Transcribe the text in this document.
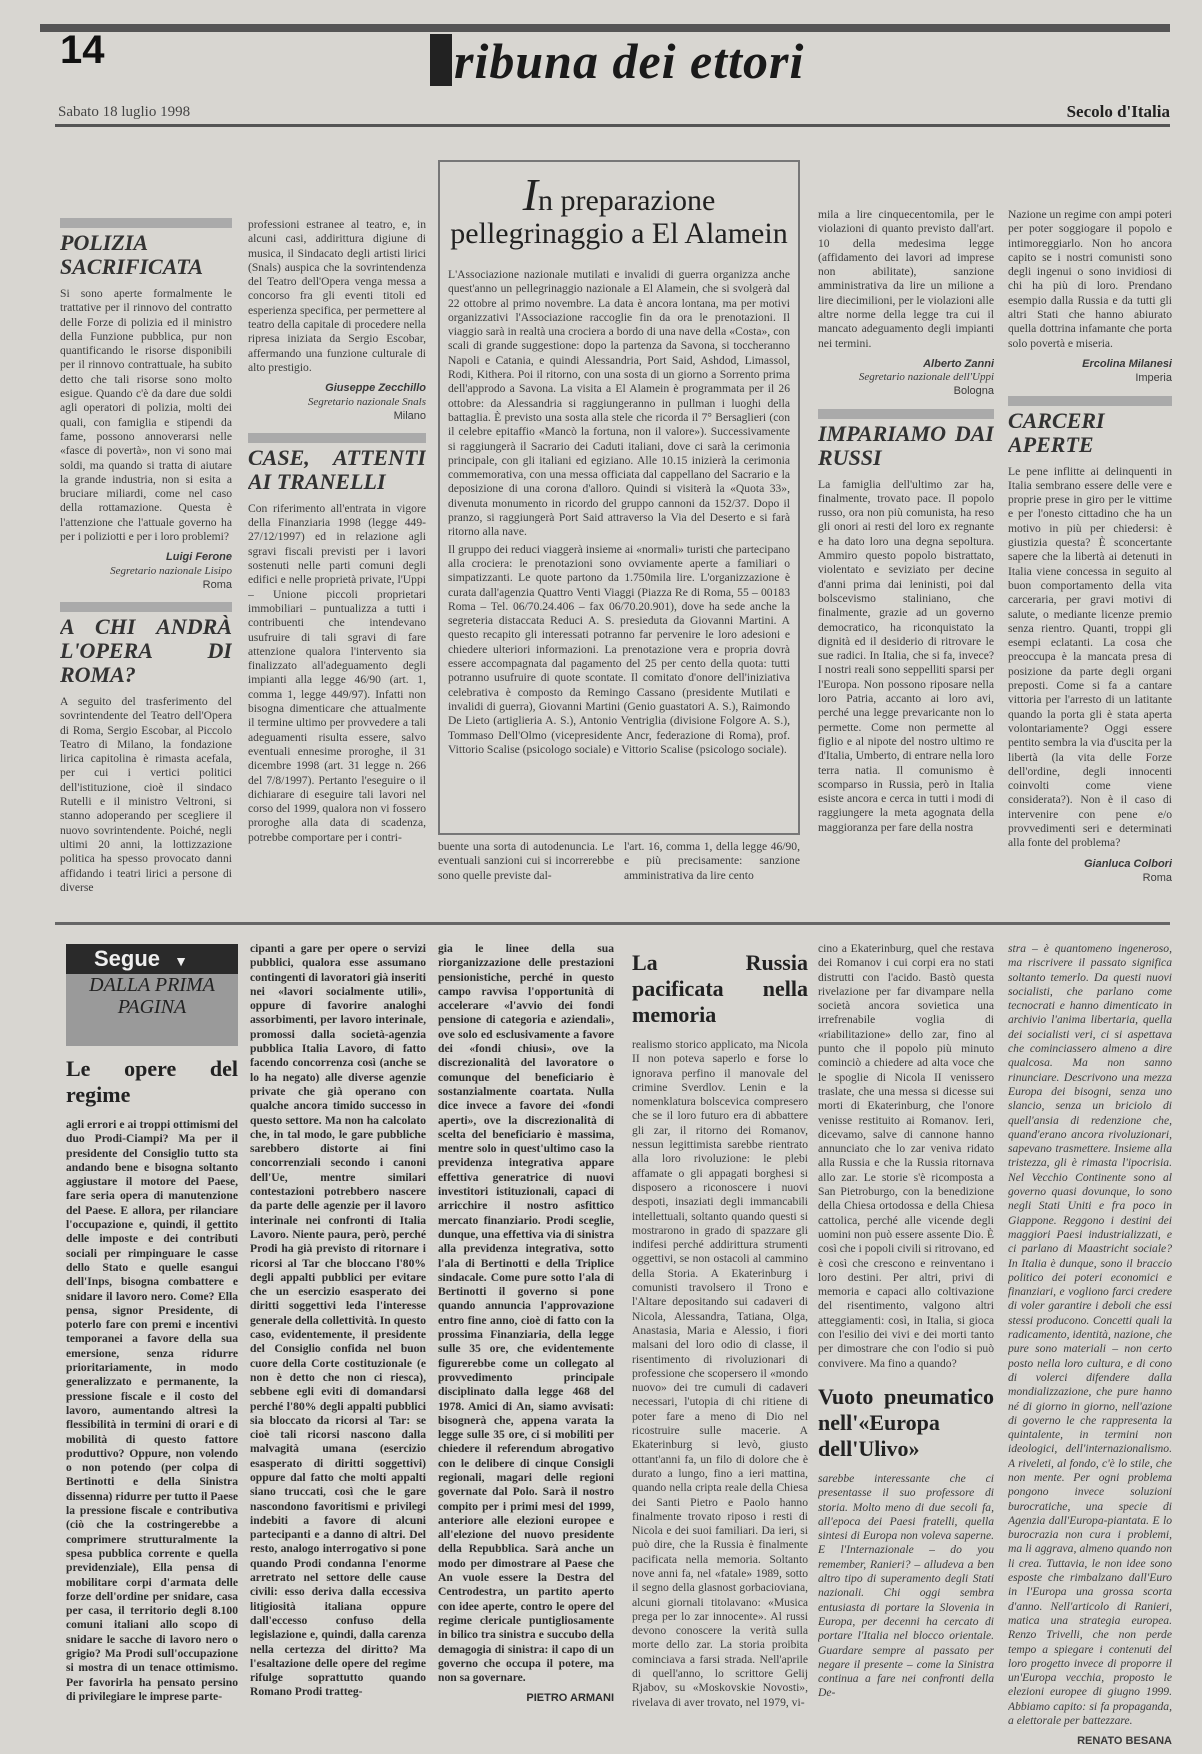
14	ribuna dei ettori
Sabato 18 luglio 1998	Secolo d'Italia
POLIZIA SACRIFICATA

Si sono aperte formalmente le trattative per il rinnovo del contratto delle Forze di polizia ed il ministro della Funzione pubblica, pur non quantificando le risorse disponibili per il rinnovo contrattuale, ha subito detto che tali risorse sono molto esigue. Quando c'è da dare due soldi agli operatori di polizia, molti dei quali, con famiglia e stipendi da fame, possono annoverarsi nelle «fasce di povertà», non vi sono mai soldi, ma quando si tratta di aiutare la grande industria, non si esita a bruciare miliardi, come nel caso della rottamazione. Questa è l'attenzione che l'attuale governo ha per i poliziotti e per i loro problemi?

Luigi Ferone
Segretario nazionale Lisipo
Roma
A CHI ANDRÀ L'OPERA DI ROMA?

A seguito del trasferimento del sovrintendente del Teatro dell'Opera di Roma, Sergio Escobar, al Piccolo Teatro di Milano, la fondazione lirica capitolina è rimasta acefala, per cui i vertici politici dell'istituzione, cioè il sindaco Rutelli e il ministro Veltroni, si stanno adoperando per scegliere il nuovo sovrintendente. Poiché, negli ultimi 20 anni, la lottizzazione politica ha spesso provocato danni affidando i teatri lirici a persone di diverse

professioni estranee al teatro, e, in alcuni casi, addirittura digiune di musica, il Sindacato degli artisti lirici (Snals) auspica che la sovrintendenza del Teatro dell'Opera venga messa a concorso fra gli eventi titoli ed esperienza specifica, per permettere al teatro della capitale di procedere nella ripresa iniziata da Sergio Escobar, affermando una funzione culturale di alto prestigio.

Giuseppe Zecchillo
Segretario nazionale Snals
Milano
CASE, ATTENTI AI TRANELLI

Con riferimento all'entrata in vigore della Finanziaria 1998 (legge 449-27/12/1997) ed in relazione agli sgravi fiscali previsti per i lavori sostenuti nelle parti comuni degli edifici e nelle proprietà private, l'Uppi – Unione piccoli proprietari immobiliari – puntualizza a tutti i contribuenti che intendevano usufruire di tali sgravi di fare attenzione qualora l'intervento sia finalizzato all'adeguamento degli impianti alla legge 46/90 (art. 1, comma 1, legge 449/97). Infatti non bisogna dimenticare che attualmente il termine ultimo per provvedere a tali adeguamenti risulta essere, salvo eventuali ennesime proroghe, il 31 dicembre 1998 (art. 31 legge n. 266 del 7/8/1997). Pertanto l'eseguire o il dichiarare di eseguire tali lavori nel corso del 1999, qualora non vi fossero proroghe alla data di scadenza, potrebbe comportare per i contri-

In preparazione pellegrinaggio a El Alamein

L'Associazione nazionale mutilati e invalidi di guerra organizza anche quest'anno un pellegrinaggio nazionale a El Alamein, che si svolgerà dal 22 ottobre al primo novembre. La data è ancora lontana, ma per motivi organizzativi l'Associazione raccoglie fin da ora le prenotazioni. Il viaggio sarà in realtà una crociera a bordo di una nave della «Costa», con scali di grande suggestione: dopo la partenza da Savona, si toccheranno Napoli e Catania, e quindi Alessandria, Port Said, Ashdod, Limassol, Rodi, Kithera. Poi il ritorno, con una sosta di un giorno a Sorrento prima dell'approdo a Savona. La visita a El Alamein è programmata per il 26 ottobre: da Alessandria si raggiungeranno in pullman i luoghi della battaglia. È previsto una sosta alla stele che ricorda il 7° Bersaglieri (con il celebre epitaffio «Mancò la fortuna, non il valore»). Successivamente si raggiungerà il Sacrario dei Caduti italiani, dove ci sarà la cerimonia principale, con gli italiani ed egiziano. Alle 10.15 inizierà la cerimonia commemorativa, con una messa officiata dal cappellano del Sacrario e la deposizione di una corona d'alloro. Quindi si visiterà la «Quota 33», divenuta monumento in ricordo del gruppo cannoni da 152/37. Dopo il pranzo, si raggiungerà Port Said attraverso la Via del Deserto e si farà ritorno alla nave.

Il gruppo dei reduci viaggerà insieme ai «normali» turisti che partecipano alla crociera: le prenotazioni sono ovviamente aperte a familiari o simpatizzanti. Le quote partono da 1.750mila lire. L'organizzazione è curata dall'agenzia Quattro Venti Viaggi (Piazza Re di Roma, 55 – 00183 Roma – Tel. 06/70.24.406 – fax 06/70.20.901), dove ha sede anche la segreteria distaccata Reduci A. S. presieduta da Giovanni Martini. A questo recapito gli interessati potranno far pervenire le loro adesioni e chiedere ulteriori informazioni. La prenotazione vera e propria dovrà essere accompagnata dal pagamento del 25 per cento della quota: tutti potranno usufruire di quote scontate. Il comitato d'onore dell'iniziativa celebrativa è composto da Remingo Cassano (presidente Mutilati e invalidi di guerra), Giovanni Martini (Genio guastatori A. S.), Raimondo De Lieto (artiglieria A. S.), Antonio Ventriglia (divisione Folgore A. S.), Tommaso Dell'Olmo (vicepresidente Ancr, federazione di Roma), prof. Vittorio Scalise (psicologo sociale) e Vittorio Scalise (psicologo sociale).

buente una sorta di autodenuncia. Le eventuali sanzioni cui si incorrerebbe sono quelle previste dal-

l'art. 16, comma 1, della legge 46/90, e più precisamente: sanzione amministrativa da lire cento

mila a lire cinquecentomila, per le violazioni di quanto previsto dall'art. 10 della medesima legge (affidamento dei lavori ad imprese non abilitate), sanzione amministrativa da lire un milione a lire diecimilioni, per le violazioni alle altre norme della legge tra cui il mancato adeguamento degli impianti nei termini.

Alberto Zanni
Segretario nazionale dell'Uppi
Bologna
IMPARIAMO DAI RUSSI

La famiglia dell'ultimo zar ha, finalmente, trovato pace. Il popolo russo, ora non più comunista, ha reso gli onori ai resti del loro ex regnante e ha dato loro una degna sepoltura. Ammiro questo popolo bistrattato, violentato e seviziato per decine d'anni prima dai leninisti, poi dal bolscevismo staliniano, che finalmente, grazie ad un governo democratico, ha riconquistato la dignità ed il desiderio di ritrovare le sue radici. In Italia, che si fa, invece? I nostri reali sono seppelliti sparsi per l'Europa. Non possono riposare nella loro Patria, accanto ai loro avi, perché una legge prevaricante non lo permette. Come non permette al figlio e al nipote del nostro ultimo re d'Italia, Umberto, di entrare nella loro terra natia. Il comunismo è scomparso in Russia, però in Italia esiste ancora e cerca in tutti i modi di raggiungere la meta agognata della maggioranza per fare della nostra

Nazione un regime con ampi poteri per poter soggiogare il popolo e intimoreggiarlo. Non ho ancora capito se i nostri comunisti sono degli ingenui o sono invidiosi di chi ha più di loro. Prendano esempio dalla Russia e da tutti gli altri Stati che hanno abiurato quella dottrina infamante che porta solo povertà e miseria.

Ercolina Milanesi
Imperia
CARCERI APERTE

Le pene inflitte ai delinquenti in Italia sembrano essere delle vere e proprie prese in giro per le vittime e per l'onesto cittadino che ha un motivo in più per chiedersi: è giustizia questa? È sconcertante sapere che la libertà ai detenuti in Italia viene concessa in seguito al buon comportamento della vita carceraria, per gravi motivi di salute, o mediante licenze premio senza rientro. Quanti, troppi gli esempi eclatanti. La cosa che preoccupa è la mancata presa di posizione da parte degli organi preposti. Come si fa a cantare vittoria per l'arresto di un latitante quando la porta gli è stata aperta volontariamente? Oggi essere pentito sembra la via d'uscita per la libertà (la vita delle Forze dell'ordine, degli innocenti coinvolti come viene considerata?). Non è il caso di intervenire con pene e/o provvedimenti seri e determinati alla fonte del problema?

Gianluca Colbori
Roma
Segue ▼
DALLA PRIMA PAGINA
Le opere del regime

agli errori e ai troppi ottimismi del duo Prodi-Ciampi? Ma per il presidente del Consiglio tutto sta andando bene e bisogna soltanto aggiustare il motore del Paese, fare seria opera di manutenzione del Paese. E allora, per rilanciare l'occupazione e, quindi, il gettito delle imposte e dei contributi sociali per rimpinguare le casse dello Stato e quelle esangui dell'Inps, bisogna combattere e snidare il lavoro nero. Come? Ella pensa, signor Presidente, di poterlo fare con premi e incentivi temporanei a favore della sua emersione, senza ridurre prioritariamente, in modo generalizzato e permanente, la pressione fiscale e il costo del lavoro, aumentando altresì la flessibilità in termini di orari e di mobilità di questo fattore produttivo? Oppure, non volendo o non potendo (per colpa di Bertinotti e della Sinistra dissenna) ridurre per tutto il Paese la pressione fiscale e contributiva (ciò che la costringerebbe a comprimere strutturalmente la spesa pubblica corrente e quella previdenziale), Ella pensa di mobilitare corpi d'armata delle forze dell'ordine per snidare, casa per casa, il territorio degli 8.100 comuni italiani allo scopo di snidare le sacche di lavoro nero o grigio? Ma Prodi sull'occupazione si mostra di un tenace ottimismo. Per favorirla ha pensato persino di privilegiare le imprese parte-

cipanti a gare per opere o servizi pubblici, qualora esse assumano contingenti di lavoratori già inseriti nei «lavori socialmente utili», oppure di favorire analoghi assorbimenti, per lavoro interinale, promossi dalla società-agenzia pubblica Italia Lavoro, di fatto facendo concorrenza così (anche se lo ha negato) alle diverse agenzie private che già operano con qualche ancora timido successo in questo settore. Ma non ha calcolato che, in tal modo, le gare pubbliche sarebbero distorte ai fini concorrenziali secondo i canoni dell'Ue, mentre similari contestazioni potrebbero nascere da parte delle agenzie per il lavoro interinale nei confronti di Italia Lavoro. Niente paura, però, perché Prodi ha già previsto di ritornare i ricorsi al Tar che bloccano l'80% degli appalti pubblici per evitare che un esercizio esasperato dei diritti soggettivi leda l'interesse generale della collettività. In questo caso, evidentemente, il presidente del Consiglio confida nel buon cuore della Corte costituzionale (e non è detto che non ci riesca), sebbene egli eviti di domandarsi perché l'80% degli appalti pubblici sia bloccato da ricorsi al Tar: se cioè tali ricorsi nascono dalla malvagità umana (esercizio esasperato di diritti soggettivi) oppure dal fatto che molti appalti siano truccati, così che le gare nascondono favoritismi e privilegi indebiti a favore di alcuni partecipanti e a danno di altri. Del resto, analogo interrogativo si pone quando Prodi condanna l'enorme arretrato nel settore delle cause civili: esso deriva dalla eccessiva litigiosità italiana oppure dall'eccesso confuso della legislazione e, quindi, dalla carenza nella certezza del diritto? Ma l'esaltazione delle opere del regime rifulge soprattutto quando Romano Prodi tratteg-

gia le linee della sua riorganizzazione delle prestazioni pensionistiche, perché in questo campo ravvisa l'opportunità di accelerare «l'avvio dei fondi pensione di categoria e aziendali», ove solo ed esclusivamente a favore dei «fondi chiusi», ove la discrezionalità del lavoratore o comunque del beneficiario è sostanzialmente coartata. Nulla dice invece a favore dei «fondi aperti», ove la discrezionalità di scelta del beneficiario è massima, mentre solo in quest'ultimo caso la previdenza integrativa appare effettiva generatrice di nuovi investitori istituzionali, capaci di arricchire il nostro asfittico mercato finanziario. Prodi sceglie, dunque, una effettiva via di sinistra alla previdenza integrativa, sotto l'ala di Bertinotti e della Triplice sindacale. Come pure sotto l'ala di Bertinotti il governo si pone quando annuncia l'approvazione entro fine anno, cioè di fatto con la prossima Finanziaria, della legge sulle 35 ore, che evidentemente figurerebbe come un collegato al provvedimento principale disciplinato dalla legge 468 del 1978. Amici di An, siamo avvisati: bisognerà che, appena varata la legge sulle 35 ore, ci si mobiliti per chiedere il referendum abrogativo con le delibere di cinque Consigli regionali, magari delle regioni governate dal Polo. Sarà il nostro compito per i primi mesi del 1999, anteriore alle elezioni europee e all'elezione del nuovo presidente della Repubblica. Sarà anche un modo per dimostrare al Paese che An vuole essere la Destra del Centrodestra, un partito aperto con idee aperte, contro le opere del regime clericale puntigliosamente in bilico tra sinistra e succubo della demagogia di sinistra: il capo di un governo che occupa il potere, ma non sa governare.

PIETRO ARMANI
La Russia pacificata nella memoria

realismo storico applicato, ma Nicola II non poteva saperlo e forse lo ignorava perfino il manovale del crimine Sverdlov. Lenin e la nomenklatura bolscevica compresero che se il loro futuro era di abbattere gli zar, il ritorno dei Romanov, nessun legittimista sarebbe rientrato alla loro rivoluzione: le plebi affamate o gli appagati borghesi si disposero a riconoscere i nuovi despoti, insaziati degli immancabili intellettuali, soltanto quando questi si mostrarono in grado di spazzare gli indifesi perché addirittura strumenti oggettivi, se non ostacoli al cammino della Storia. A Ekaterinburg i comunisti travolsero il Trono e l'Altare depositando sui cadaveri di Nicola, Alessandra, Tatiana, Olga, Anastasia, Maria e Alessio, i fiori malsani del loro odio di classe, il risentimento di rivoluzionari di professione che scopersero il «mondo nuovo» dei tre cumuli di cadaveri necessari, l'utopia di chi ritiene di poter fare a meno di Dio nel ricostruire sulle macerie. A Ekaterinburg si levò, giusto ottant'anni fa, un filo di dolore che è durato a lungo, fino a ieri mattina, quando nella cripta reale della Chiesa dei Santi Pietro e Paolo hanno finalmente trovato riposo i resti di Nicola e dei suoi familiari. Da ieri, si può dire, che la Russia è finalmente pacificata nella memoria. Soltanto nove anni fa, nel «fatale» 1989, sotto il segno della glasnost gorbacioviana, alcuni giornali titolavano: «Musica prega per lo zar innocente». Al russi devono conoscere la verità sulla morte dello zar. La storia proibita cominciava a farsi strada. Nell'aprile di quell'anno, lo scrittore Gelij Rjabov, su «Moskovskie Novosti», rivelava di aver trovato, nel 1979, vi-

cino a Ekaterinburg, quel che restava dei Romanov i cui corpi era no stati distrutti con l'acido. Bastò questa rivelazione per far divampare nella società ancora sovietica una irrefrenabile voglia di «riabilitazione» dello zar, fino al punto che il popolo più minuto cominciò a chiedere ad alta voce che le spoglie di Nicola II venissero traslate, che una messa si dicesse sui morti di Ekaterinburg, che l'onore venisse restituito ai Romanov. Ieri, dicevamo, salve di cannone hanno annunciato che lo zar veniva ridato alla Russia e che la Russia ritornava allo zar. Le storie s'è ricomposta a San Pietroburgo, con la benedizione della Chiesa ortodossa e della Chiesa cattolica, perché alle vicende degli uomini non può essere assente Dio. È così che i popoli civili si ritrovano, ed è così che crescono e reinventano i loro destini. Per altri, privi di memoria e capaci allo coltivazione del risentimento, valgono altri atteggiamenti: così, in Italia, si gioca con l'esilio dei vivi e dei morti tanto per dimostrare che con l'odio si può convivere. Ma fino a quando?

Vuoto pneumatico nell'«Europa dell'Ulivo»

sarebbe interessante che ci presentasse il suo professore di storia. Molto meno di due secoli fa, all'epoca dei Paesi fratelli, quella sintesi di Europa non voleva saperne. E l'Internazionale – do you remember, Ranieri? – alludeva a ben altro tipo di superamento degli Stati nazionali. Chi oggi sembra entusiasta di portare la Slovenia in Europa, per decenni ha cercato di portare l'Italia nel blocco orientale. Guardare sempre al passato per negare il presente – come la Sinistra continua a fare nei confronti della De-

stra – è quantomeno ingeneroso, ma riscrivere il passato significa soltanto temerlo. Da questi nuovi socialisti, che parlano come tecnocrati e hanno dimenticato in archivio l'anima libertaria, quella dei socialisti veri, ci si aspettava che cominciassero almeno a dire qualcosa. Ma non sanno rinunciare. Descrivono una mezza Europa dei bisogni, senza uno slancio, senza un briciolo di quell'ansia di redenzione che, quand'erano ancora rivoluzionari, sapevano trasmettere. Insieme alla tristezza, gli è rimasta l'ipocrisia. Nel Vecchio Continente sono al governo quasi dovunque, lo sono negli Stati Uniti e fra poco in Giappone. Reggono i destini dei maggiori Paesi industrializzati, e ci parlano di Maastricht sociale? In Italia è dunque, sono il braccio politico dei poteri economici e finanziari, e vogliono farci credere di voler garantire i deboli che essi stessi producono. Concetti quali la radicamento, identità, nazione, che pure sono materiali – non certo posto nella loro cultura, e di cono di volerci difendere dalla mondializzazione, che pure hanno né di giorno in giorno, nell'azione di governo le che rappresenta la quintalente, in termini non ideologici, dell'internazionalismo. A riveleti, al fondo, c'è lo stile, che non mente. Per ogni problema pongono invece soluzioni burocratiche, una specie di Agenzia dall'Europa-piantata. E lo burocrazia non cura i problemi, ma li aggrava, almeno quando non li crea. Tuttavia, le non idee sono esposte che rimbalzano dall'Euro in l'Europa una grossa scorta d'anno. Nell'articolo di Ranieri, matica una strategia europea. Renzo Trivelli, che non perde tempo a spiegare i contenuti del loro progetto invece di proporre il un'Europa vecchia, proposto le elezioni europee di giugno 1999. Abbiamo capito: si fa propaganda, a elettorale per battezzare.

RENATO BESANA
